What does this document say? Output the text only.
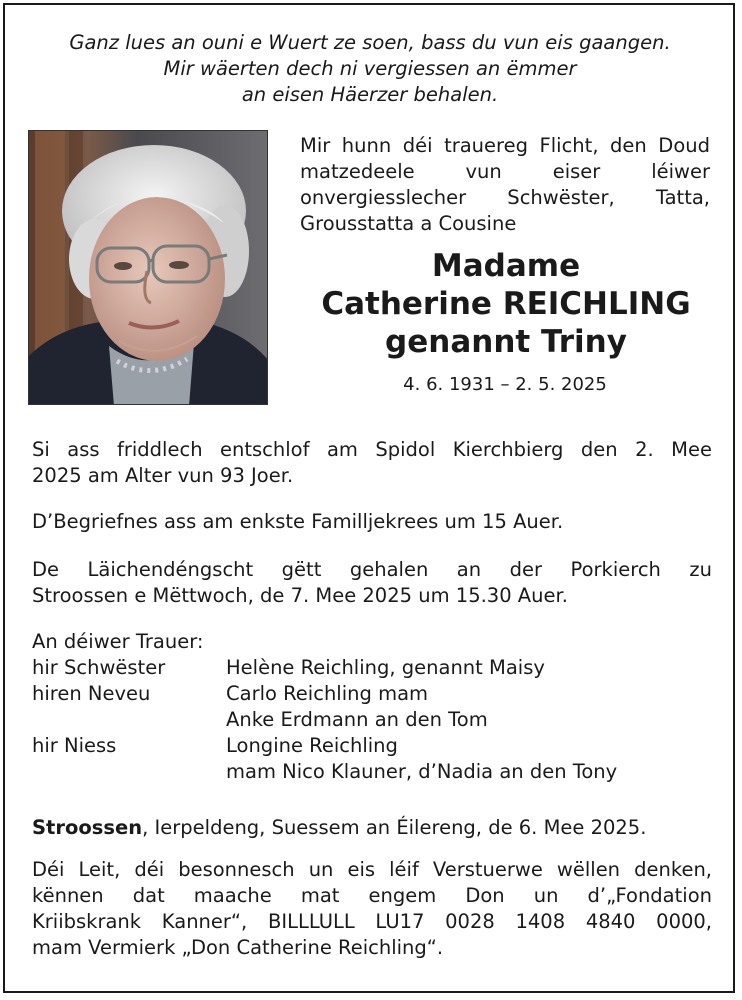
Ganz lues an ouni e Wuert ze soen, bass du vun eis gaangen.
Mir wäerten dech ni vergiessen an ëmmer
an eisen Häerzer behalen.
Mir hunn déi trauereg Flicht, den Doud
matzedeele vun eiser léiwer
onvergiesslecher Schwëster, Tatta,
Grousstatta a Cousine
Madame
Catherine REICHLING
genannt Triny
4. 6. 1931 – 2. 5. 2025
Si ass friddlech entschlof am Spidol Kierchbierg den 2. Mee
2025 am Alter vun 93 Joer.
D’Begriefnes ass am enkste Familljekrees um 15 Auer.
De Läichendéngscht gëtt gehalen an der Porkierch zu
Stroossen e Mëttwoch, de 7. Mee 2025 um 15.30 Auer.
An déiwer Trauer:
hir Schwëster	Helène Reichling, genannt Maisy
hiren Neveu	Carlo Reichling mam
Anke Erdmann an den Tom
hir Niess	Longine Reichling
mam Nico Klauner, d’Nadia an den Tony
Stroossen, Ierpeldeng, Suessem an Éilereng, de 6. Mee 2025.
Déi Leit, déi besonnesch un eis léif Verstuerwe wëllen denken,
kënnen dat maache mat engem Don un d’„Fondation
Kriibskrank Kanner“, BILLLULL LU17 0028 1408 4840 0000,
mam Vermierk „Don Catherine Reichling“.
